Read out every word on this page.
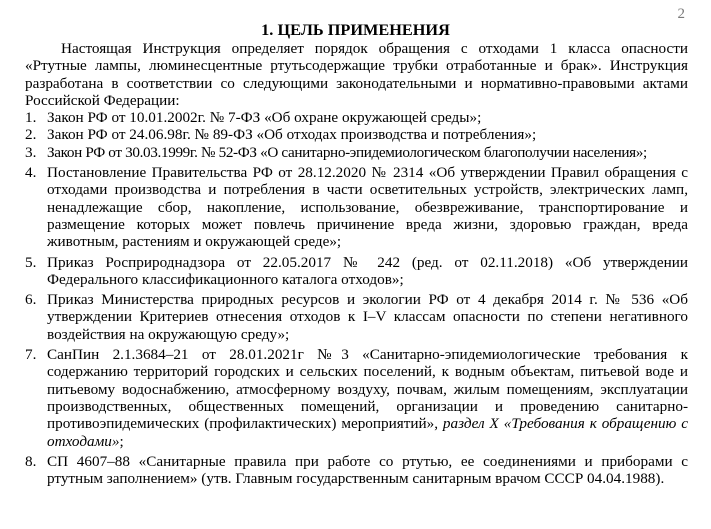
2
1. ЦЕЛЬ ПРИМЕНЕНИЯ

Настоящая Инструкция определяет порядок обращения с отходами 1 класса опасности «Ртутные лампы, люминесцентные ртутьсодержащие трубки отработанные и брак». Инструкция разработана в соответствии со следующими законодательными и нормативно-правовыми актами Российской Федерации:

1. Закон РФ от 10.01.2002г. № 7-ФЗ «Об охране окружающей среды»;
2. Закон РФ от 24.06.98г. № 89-ФЗ «Об отходах производства и потребления»;
3. Закон РФ от 30.03.1999г. № 52-ФЗ «О санитарно-эпидемиологическом благополучии населения»;
4. Постановление Правительства РФ от 28.12.2020 № 2314 «Об утверждении Правил обращения с отходами производства и потребления в части осветительных устройств, электрических ламп, ненадлежащие сбор, накопление, использование, обезвреживание, транспортирование и размещение которых может повлечь причинение вреда жизни, здоровью граждан, вреда животным, растениям и окружающей среде»;
5. Приказ Росприроднадзора от 22.05.2017 № 242 (ред. от 02.11.2018) «Об утверждении Федерального классификационного каталога отходов»;
6. Приказ Министерства природных ресурсов и экологии РФ от 4 декабря 2014 г. № 536 «Об утверждении Критериев отнесения отходов к I–V классам опасности по степени негативного воздействия на окружающую среду»;
7. СанПин 2.1.3684–21 от 28.01.2021г №3 «Санитарно-эпидемиологические требования к содержанию территорий городских и сельских поселений, к водным объектам, питьевой воде и питьевому водоснабжению, атмосферному воздуху, почвам, жилым помещениям, эксплуатации производственных, общественных помещений, организации и проведению санитарно-противоэпидемических (профилактических) мероприятий», раздел X «Требования к обращению с отходами»;
8. СП 4607–88 «Санитарные правила при работе со ртутью, ее соединениями и приборами с ртутным заполнением» (утв. Главным государственным санитарным врачом СССР 04.04.1988).
